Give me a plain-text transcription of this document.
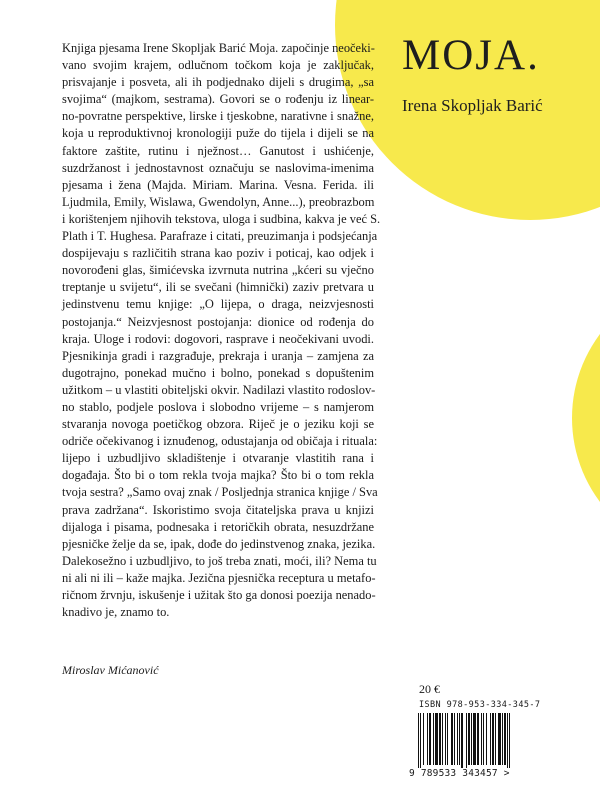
MOJA.
Irena Skopljak Barić
Knjiga pjesama Irene Skopljak Barić Moja. započinje neočeki-
vano svojim krajem, odlučnom točkom koja je zaključak,
prisvajanje i posveta, ali ih podjednako dijeli s drugima, „sa
svojima“ (majkom, sestrama). Govori se o rođenju iz linear-
no-povratne perspektive, lirske i tjeskobne, narativne i snažne,
koja u reproduktivnoj kronologiji puže do tijela i dijeli se na
faktore zaštite, rutinu i nježnost… Ganutost i ushićenje,
suzdržanost i jednostavnost označuju se naslovima-imenima
pjesama i žena (Majda. Miriam. Marina. Vesna. Ferida. ili
Ljudmila, Emily, Wislawa, Gwendolyn, Anne...), preobrazbom
i korištenjem njihovih tekstova, uloga i sudbina, kakva je već S.
Plath i T. Hughesa. Parafraze i citati, preuzimanja i podsjećanja
dospijevaju s različitih strana kao poziv i poticaj, kao odjek i
novorođeni glas, šimićevska izvrnuta nutrina „kćeri su vječno
treptanje u svijetu“, ili se svečani (himnički) zaziv pretvara u
jedinstvenu temu knjige: „O lijepa, o draga, neizvjesnosti
postojanja.“ Neizvjesnost postojanja: dionice od rođenja do
kraja. Uloge i rodovi: dogovori, rasprave i neočekivani uvodi.
Pjesnikinja gradi i razgrađuje, prekraja i uranja – zamjena za
dugotrajno, ponekad mučno i bolno, ponekad s dopuštenim
užitkom – u vlastiti obiteljski okvir. Nadilazi vlastito rodoslov-
no stablo, podjele poslova i slobodno vrijeme – s namjerom
stvaranja novoga poetičkog obzora. Riječ je o jeziku koji se
odriče očekivanog i iznuđenog, odustajanja od običaja i rituala:
lijepo i uzbudljivo skladištenje i otvaranje vlastitih rana i
događaja. Što bi o tom rekla tvoja majka? Što bi o tom rekla
tvoja sestra? „Samo ovaj znak / Posljednja stranica knjige / Sva
prava zadržana“. Iskoristimo svoja čitateljska prava u knjizi
dijaloga i pisama, podnesaka i retoričkih obrata, nesuzdržane
pjesničke želje da se, ipak, dođe do jedinstvenog znaka, jezika.
Dalekosežno i uzbudljivo, to još treba znati, moći, ili? Nema tu
ni ali ni ili – kaže majka. Jezična pjesnička receptura u metafo-
ričnom žrvnju, iskušenje i užitak što ga donosi poezija nenado-
knadivo je, znamo to.
Miroslav Mićanović
20 €
ISBN 978-953-334-345-7
9 789533 343457 >
